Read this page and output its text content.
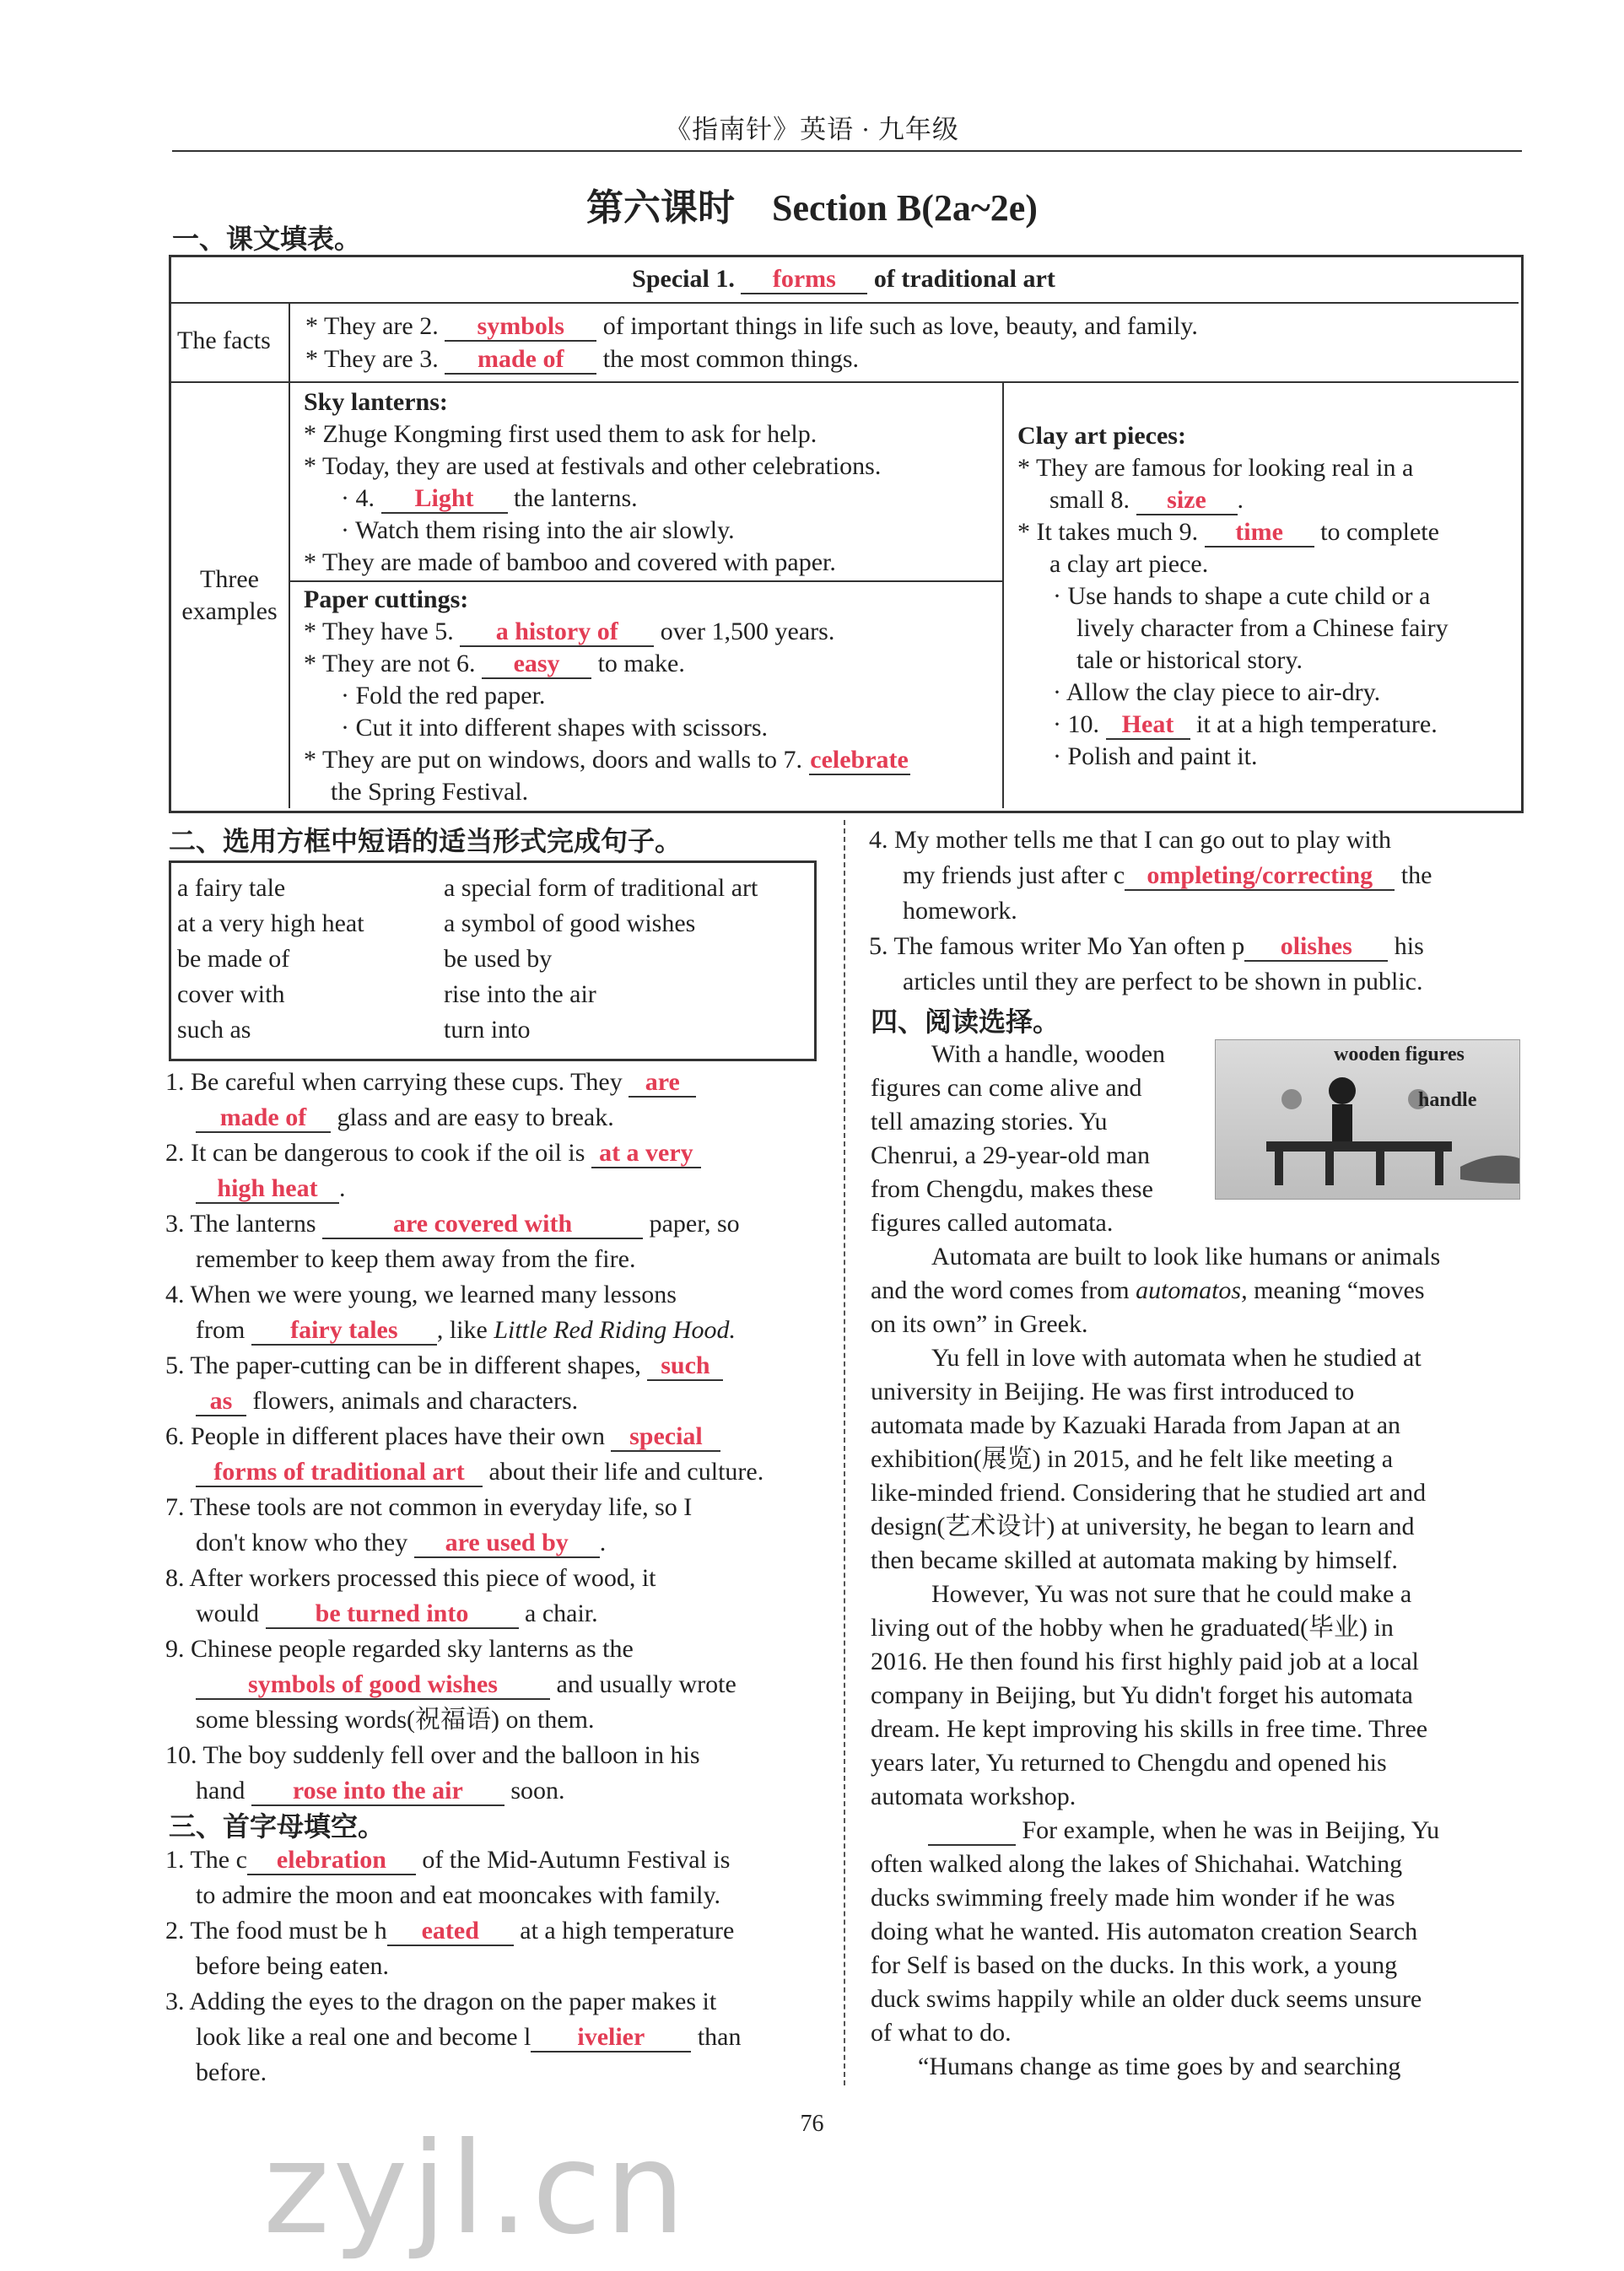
《指南针》英语 · 九年级
第六课时　Section B(2a~2e)
一、课文填表。
Special 1. forms of traditional art
The facts
* They are 2. symbols of important things in life such as love, beauty, and family.
* They are 3. made of the most common things.
Three
examples
Sky lanterns:
* Zhuge Kongming first used them to ask for help.
* Today, they are used at festivals and other celebrations.
· 4. Light the lanterns.
· Watch them rising into the air slowly.
* They are made of bamboo and covered with paper.
Paper cuttings:
* They have 5. a history of over 1,500 years.
* They are not 6. easy to make.
· Fold the red paper.
· Cut it into different shapes with scissors.
* They are put on windows, doors and walls to 7. celebrate
the Spring Festival.
Clay art pieces:
* They are famous for looking real in a
small 8. size .
* It takes much 9. time to complete
a clay art piece.
· Use hands to shape a cute child or a
lively character from a Chinese fairy
tale or historical story.
· Allow the clay piece to air-dry.
· 10. Heat it at a high temperature.
· Polish and paint it.
二、选用方框中短语的适当形式完成句子。
a fairy tale
at a very high heat
be made of
cover with
such as
a special form of traditional art
a symbol of good wishes
be used by
rise into the air
turn into
1. Be careful when carrying these cups. They are
made of glass and are easy to break.
2. It can be dangerous to cook if the oil is at a very
high heat .
3. The lanterns	are covered with	paper, so
remember to keep them away from the fire.
4. When we were young, we learned many lessons
from fairy tales , like Little Red Riding Hood.
5. The paper-cutting can be in different shapes, such
as flowers, animals and characters.
6. People in different places have their own special
forms of traditional art about their life and culture.
7. These tools are not common in everyday life, so I
don't know who they are used by .
8. After workers processed this piece of wood, it
would be turned into a chair.
9. Chinese people regarded sky lanterns as the
symbols of good wishes and usually wrote
some blessing words(祝福语) on them.
10. The boy suddenly fell over and the balloon in his
hand rose into the air soon.
三、首字母填空。
1. The c elebration of the Mid-Autumn Festival is
to admire the moon and eat mooncakes with family.
2. The food must be h eated at a high temperature
before being eaten.
3. Adding the eyes to the dragon on the paper makes it
look like a real one and become l ivelier than
before.
4. My mother tells me that I can go out to play with
my friends just after c ompleting/correcting the
homework.
5. The famous writer Mo Yan often p olishes his
articles until they are perfect to be shown in public.
四、阅读选择。
wooden figures
handle
With a handle, wooden
figures can come alive and
tell amazing stories. Yu
Chenrui, a 29-year-old man
from Chengdu, makes these
figures called automata.
Automata are built to look like humans or animals
and the word comes from automatos, meaning “moves
on its own” in Greek.
Yu fell in love with automata when he studied at
university in Beijing. He was first introduced to
automata made by Kazuaki Harada from Japan at an
exhibition(展览) in 2015, and he felt like meeting a
like-minded friend. Considering that he studied art and
design(艺术设计) at university, he began to learn and
then became skilled at automata making by himself.
However, Yu was not sure that he could make a
living out of the hobby when he graduated(毕业) in
2016. He then found his first highly paid job at a local
company in Beijing, but Yu didn't forget his automata
dream. He kept improving his skills in free time. Three
years later, Yu returned to Chengdu and opened his
automata workshop.
For example, when he was in Beijing, Yu
often walked along the lakes of Shichahai. Watching
ducks swimming freely made him wonder if he was
doing what he wanted. His automaton creation Search
for Self is based on the ducks. In this work, a young
duck swims happily while an older duck seems unsure
of what to do.
“Humans change as time goes by and searching
76
zyjl.cn
